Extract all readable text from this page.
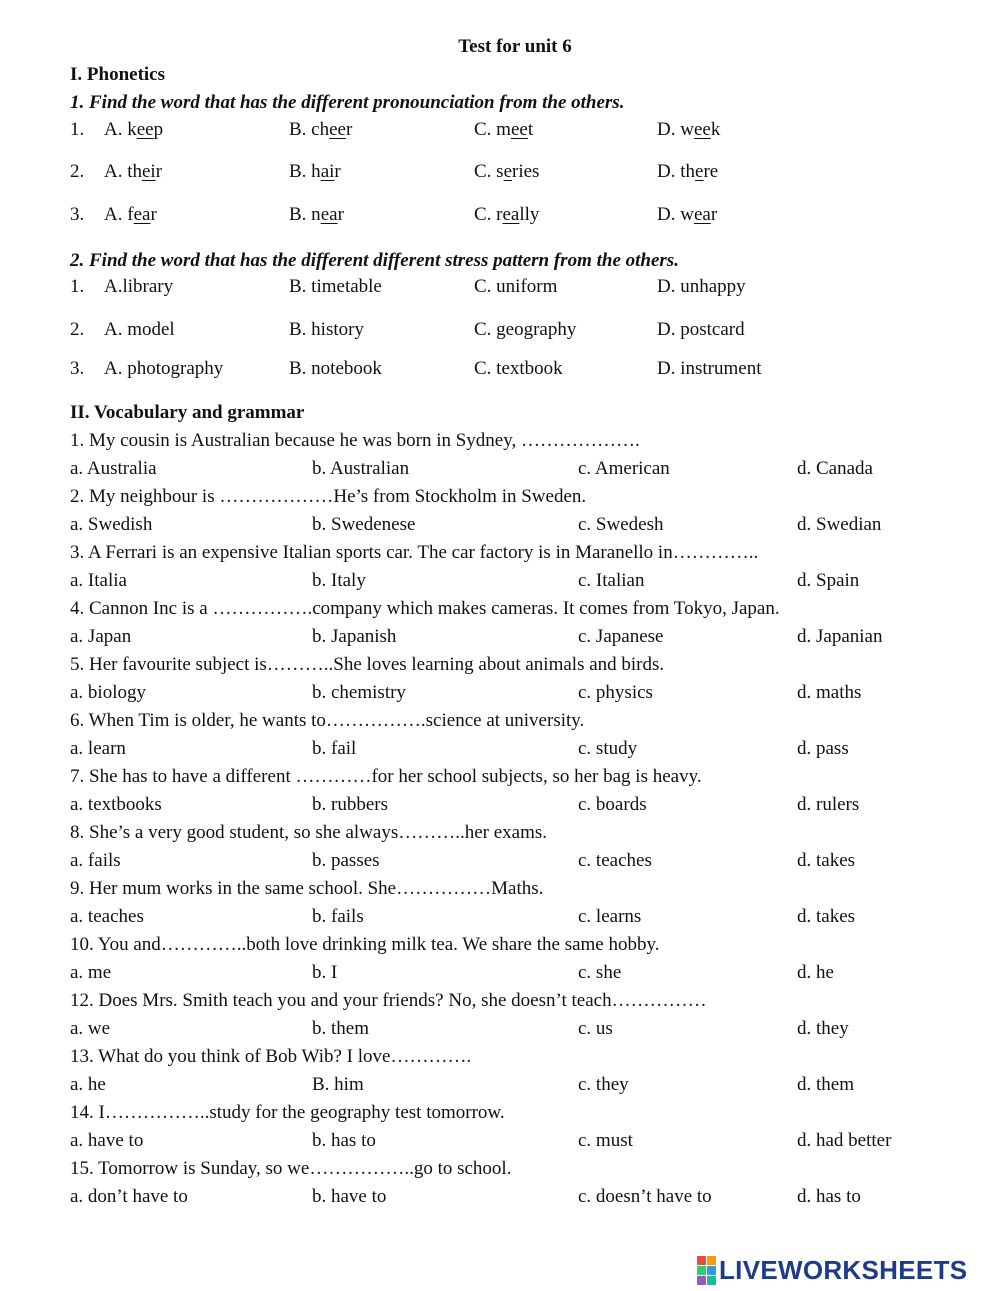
Test for unit 6
I. Phonetics
1. Find the word that has the different pronounciation from the others.
1. A. keep	B. cheer	C. meet	D. week
2. A. their	B. hair	C. series	D. there
3. A. fear	B. near	C. really	D. wear
2. Find the word that has the different different stress pattern from the others.
1. A.library	B. timetable	C. uniform	D. unhappy
2. A. model	B. history	C. geography	D. postcard
3. A. photography	B. notebook	C. textbook	D. instrument
II. Vocabulary and grammar
1. My cousin is Australian because he was born in Sydney, ……………….
a. Australia	b. Australian	c. American	d. Canada
2. My neighbour is ………………He’s from Stockholm in Sweden.
a. Swedish	b. Swedenese	c. Swedesh	d. Swedian
3. A Ferrari is an expensive Italian sports car. The car factory is in Maranello in…………..
a. Italia	b. Italy	c. Italian	d. Spain
4. Cannon Inc is a …………….company which makes cameras. It comes from Tokyo, Japan.
a. Japan	b. Japanish	c. Japanese	d. Japanian
5. Her favourite subject is………..She loves learning about animals and birds.
a. biology	b. chemistry	c. physics	d. maths
6. When Tim is older, he wants to…………….science at university.
a. learn	b. fail	c. study	d. pass
7. She has to have a different …………for her school subjects, so her bag is heavy.
a. textbooks	b. rubbers	c. boards	d. rulers
8. She’s a very good student, so she always………..her exams.
a. fails	b. passes	c. teaches	d. takes
9. Her mum works in the same school. She……………Maths.
a. teaches	b. fails	c. learns	d. takes
10. You and…………..both love drinking milk tea. We share the same hobby.
a. me	b. I	c. she	d. he
12. Does Mrs. Smith teach you and your friends? No, she doesn’t teach……………
a. we	b. them	c. us	d. they
13. What do you think of Bob Wib? I love………….
a. he	B. him	c. they	d. them
14. I……………..study for the geography test tomorrow.
a. have to	b. has to	c. must	d. had better
15. Tomorrow is Sunday, so we……………..go to school.
a. don’t have to	b. have to	c. doesn’t have to	d. has to
LIVEWORKSHEETS
